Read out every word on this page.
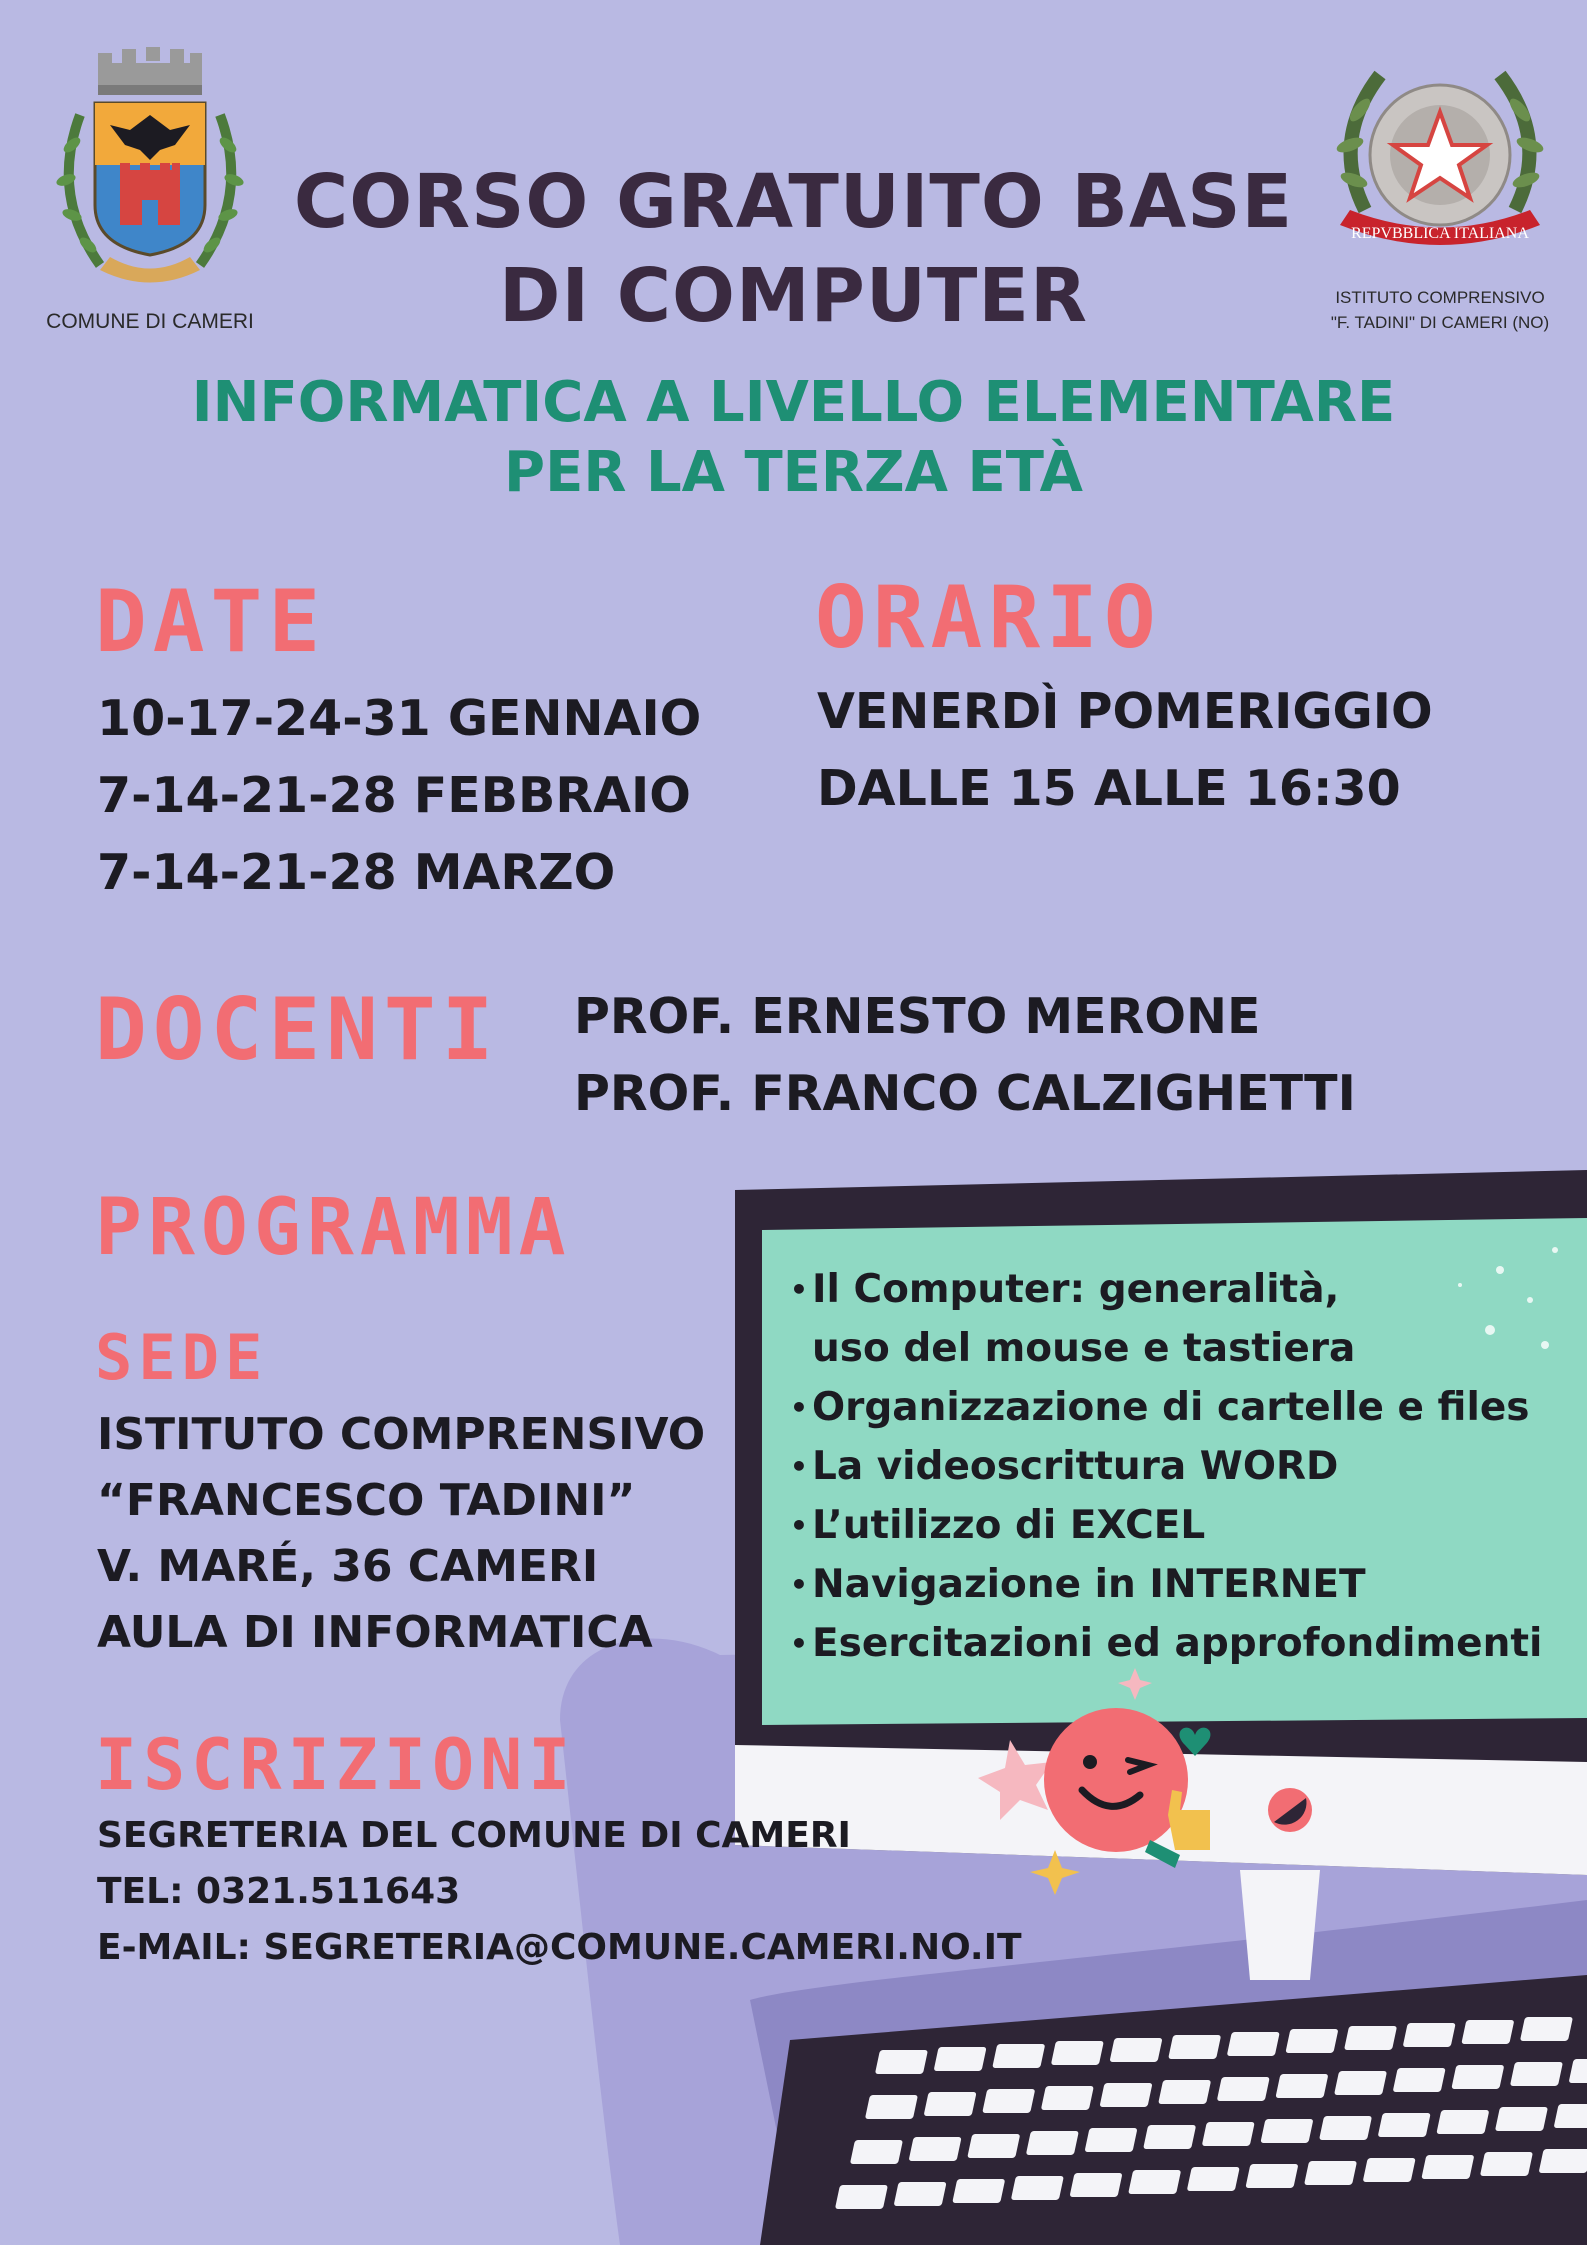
COMUNE DI CAMERI
REPVBBLICA ITALIANA
ISTITUTO COMPRENSIVO
"F. TADINI" DI CAMERI (NO)
CORSO GRATUITO BASE
DI COMPUTER
INFORMATICA A LIVELLO ELEMENTARE
PER LA TERZA ETÀ
DATE
10-17-24-31 GENNAIO
7-14-21-28 FEBBRAIO
7-14-21-28 MARZO
ORARIO
VENERDÌ POMERIGGIO
DALLE 15 ALLE 16:30
DOCENTI PROF. ERNESTO MERONE
PROF. FRANCO CALZIGHETTI
PROGRAMMA
• Il Computer: generalità,
uso del mouse e tastiera
• Organizzazione di cartelle e files
• La videoscrittura WORD
• L’utilizzo di EXCEL
• Navigazione in INTERNET
• Esercitazioni ed approfondimenti
SEDE
ISTITUTO COMPRENSIVO
“FRANCESCO TADINI”
V. MARÉ, 36 CAMERI
AULA DI INFORMATICA
ISCRIZIONI
SEGRETERIA DEL COMUNE DI CAMERI
TEL: 0321.511643
E-MAIL: SEGRETERIA@COMUNE.CAMERI.NO.IT
